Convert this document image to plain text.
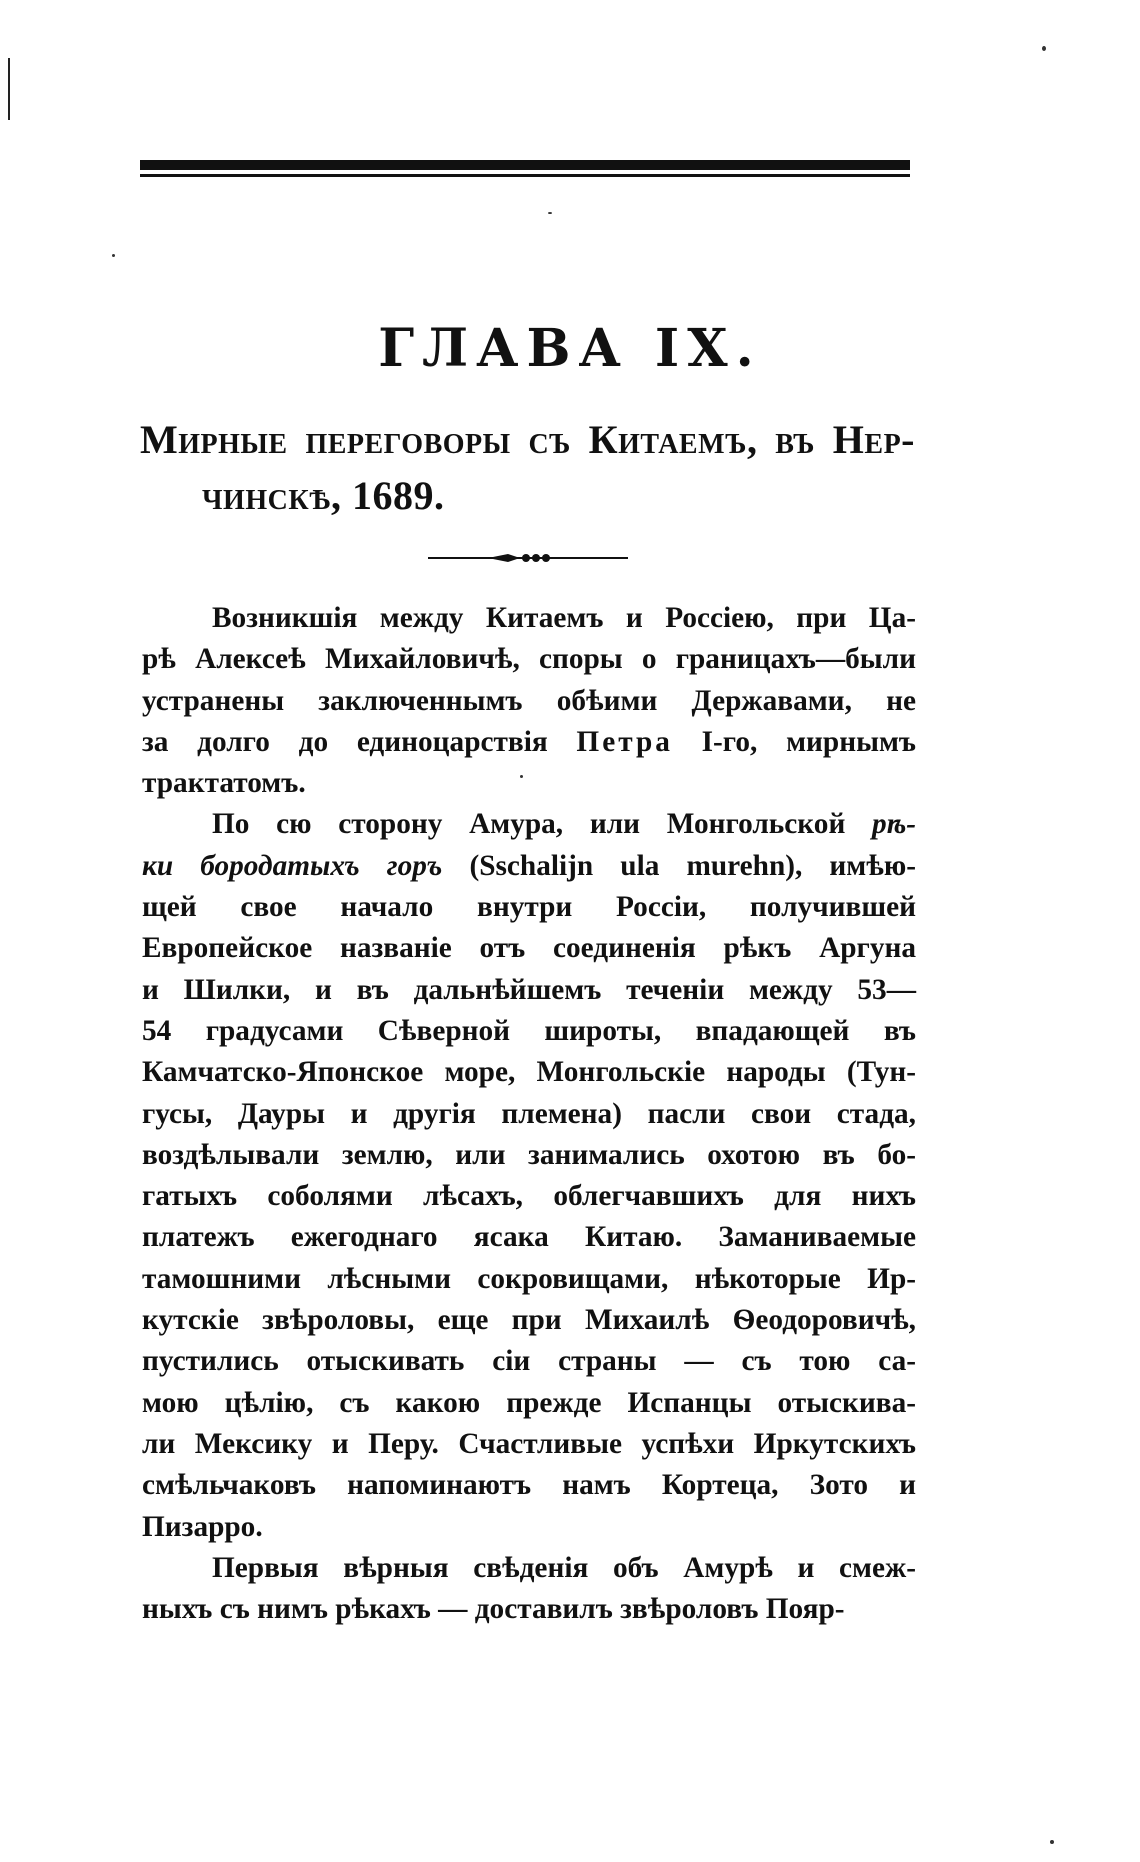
ГЛАВА IX.
Мирные переговоры съ Китаемъ, въ Нер-
чинскѣ, 1689.
Возникшія между Китаемъ и Россіею, при Ца-
рѣ Алексеѣ Михайловичѣ, споры о границахъ—были
устранены заключеннымъ обѣими Державами, не
за долго до единоцарствія Петра I-го, мирнымъ
трактатомъ.
По сю сторону Амура, или Монгольской рѣ-
ки бородатыхъ горъ (Sschalijn ula murehn), имѣю-
щей свое начало внутри Россіи, получившей
Европейское названіе отъ соединенія рѣкъ Аргуна
и Шилки, и въ дальнѣйшемъ теченіи между 53—
54 градусами Сѣверной широты, впадающей въ
Камчатско-Японское море, Монгольскіе народы (Тун-
гусы, Дауры и другія племена) пасли свои стада,
воздѣлывали землю, или занимались охотою въ бо-
гатыхъ соболями лѣсахъ, облегчавшихъ для нихъ
платежъ ежегоднаго ясака Китаю. Заманиваемые
тамошними лѣсными сокровищами, нѣкоторые Ир-
кутскіе звѣроловы, еще при Михаилѣ Ѳеодоровичѣ,
пустились отыскивать сіи страны — съ тою са-
мою цѣлію, съ какою прежде Испанцы отыскива-
ли Мексику и Перу. Счастливые успѣхи Иркутскихъ
смѣльчаковъ напоминаютъ намъ Кортеца, Зото и
Пизарро.
Первыя вѣрныя свѣденія объ Амурѣ и смеж-
ныхъ съ нимъ рѣкахъ — доставилъ звѣроловъ Пояр-
